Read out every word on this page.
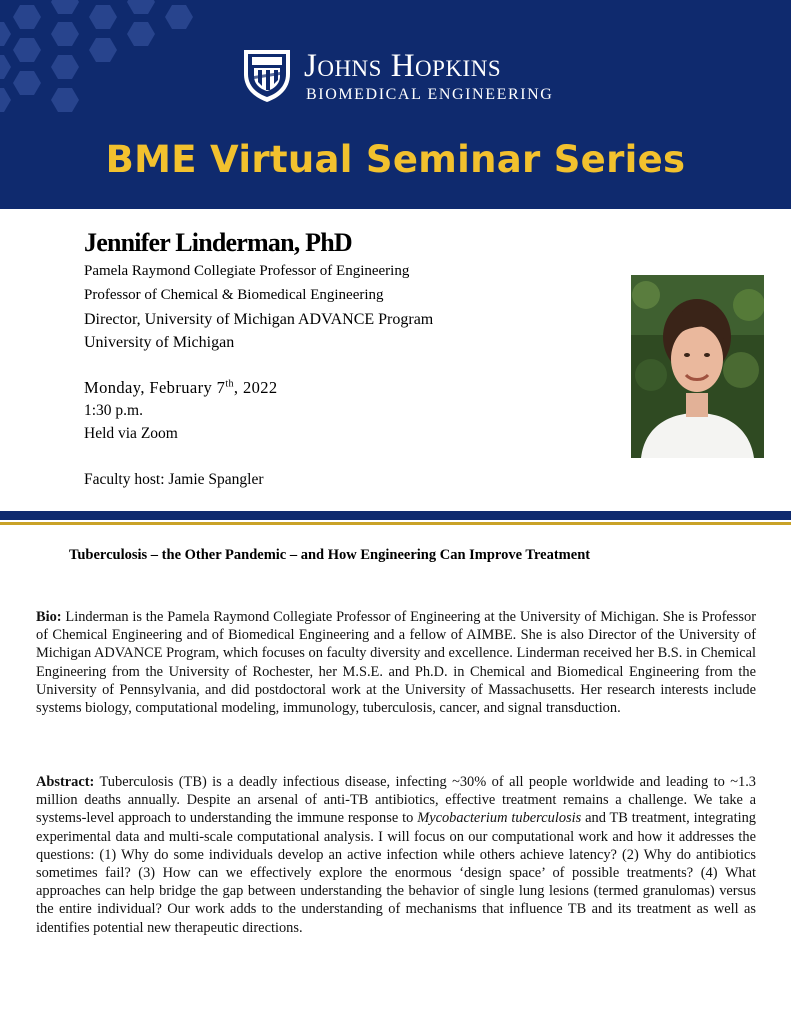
Johns Hopkins
BIOMEDICAL ENGINEERING
BME Virtual Seminar Series
Jennifer Linderman, PhD
Pamela Raymond Collegiate Professor of Engineering
Professor of Chemical & Biomedical Engineering
Director, University of Michigan ADVANCE Program
University of Michigan
Monday, February 7th, 2022
1:30 p.m.
Held via Zoom
Faculty host: Jamie Spangler
Tuberculosis – the Other Pandemic – and How Engineering Can Improve Treatment

Bio: Linderman is the Pamela Raymond Collegiate Professor of Engineering at the University of Michigan. She is Professor of Chemical Engineering and of Biomedical Engineering and a fellow of AIMBE. She is also Director of the University of Michigan ADVANCE Program, which focuses on faculty diversity and excellence. Linderman received her B.S. in Chemical Engineering from the University of Rochester, her M.S.E. and Ph.D. in Chemical and Biomedical Engineering from the University of Pennsylvania, and did postdoctoral work at the University of Massachusetts. Her research interests include systems biology, computational modeling, immunology, tuberculosis, cancer, and signal transduction.

Abstract: Tuberculosis (TB) is a deadly infectious disease, infecting ~30% of all people worldwide and leading to ~1.3 million deaths annually. Despite an arsenal of anti-TB antibiotics, effective treatment remains a challenge. We take a systems-level approach to understanding the immune response to Mycobacterium tuberculosis and TB treatment, integrating experimental data and multi-scale computational analysis. I will focus on our computational work and how it addresses the questions: (1) Why do some individuals develop an active infection while others achieve latency? (2) Why do antibiotics sometimes fail? (3) How can we effectively explore the enormous ‘design space’ of possible treatments? (4) What approaches can help bridge the gap between understanding the behavior of single lung lesions (termed granulomas) versus the entire individual? Our work adds to the understanding of mechanisms that influence TB and its treatment as well as identifies potential new therapeutic directions.
